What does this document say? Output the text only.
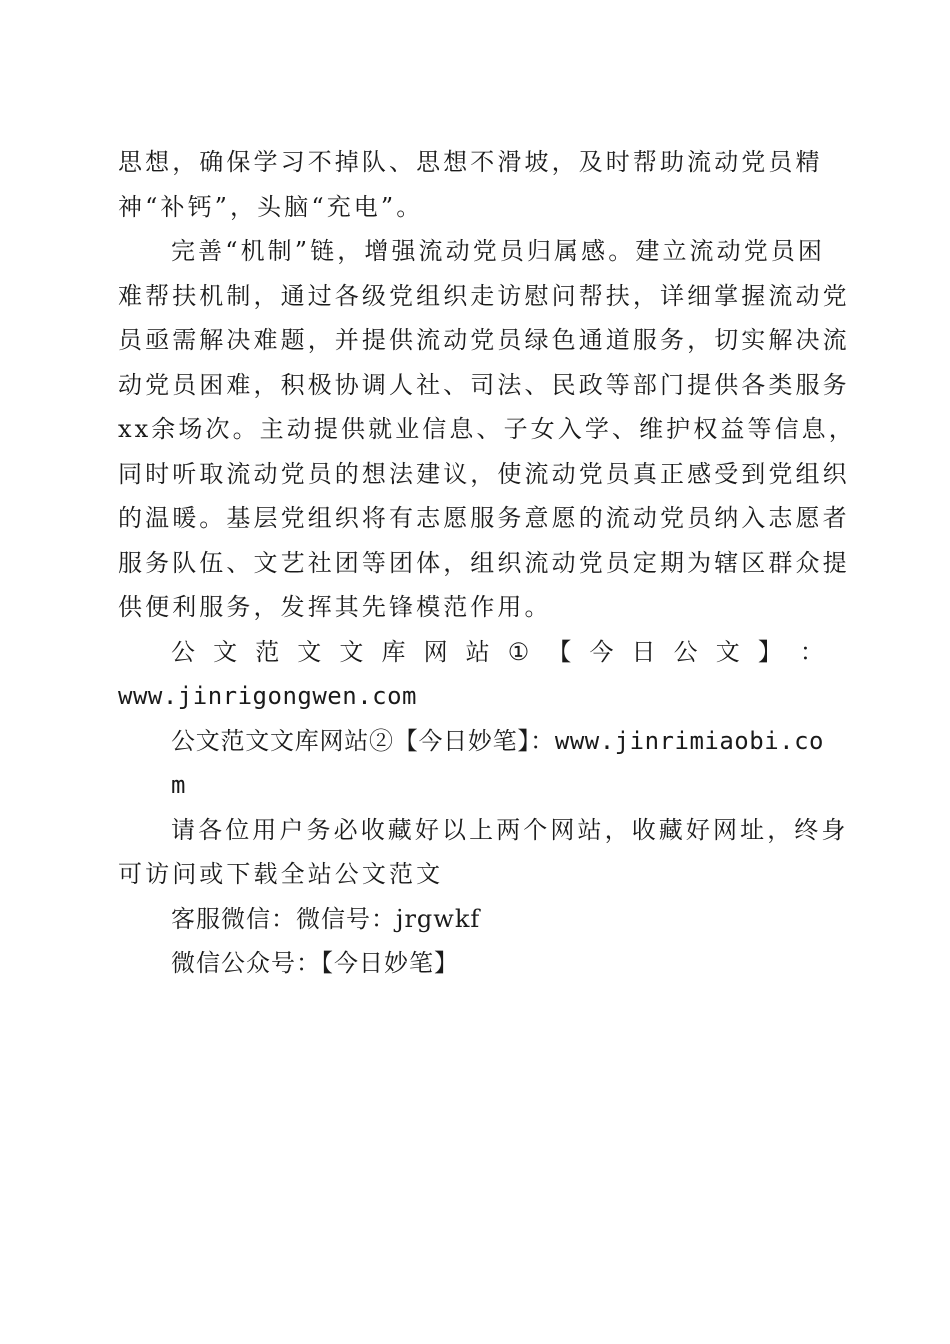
思想，确保学习不掉队、思想不滑坡，及时帮助流动党员精
神“补钙”，头脑“充电”。

完善“机制”链，增强流动党员归属感。建立流动党员困
难帮扶机制，通过各级党组织走访慰问帮扶，详细掌握流动党
员亟需解决难题，并提供流动党员绿色通道服务，切实解决流
动党员困难，积极协调人社、司法、民政等部门提供各类服务
xx余场次。主动提供就业信息、子女入学、维护权益等信息，
同时听取流动党员的想法建议，使流动党员真正感受到党组织
的温暖。基层党组织将有志愿服务意愿的流动党员纳入志愿者
服务队伍、文艺社团等团体，组织流动党员定期为辖区群众提
供便利服务，发挥其先锋模范作用。

公 文 范 文 文 库 网 站 ① 【 今 日 公 文 】 ：

www.jinrigongwen.com

公文范文文库网站②【今日妙笔】：www.jinrimiaobi.com

请各位用户务必收藏好以上两个网站，收藏好网址，终身
可访问或下载全站公文范文

客服微信：微信号：jrgwkf

微信公众号：【今日妙笔】
